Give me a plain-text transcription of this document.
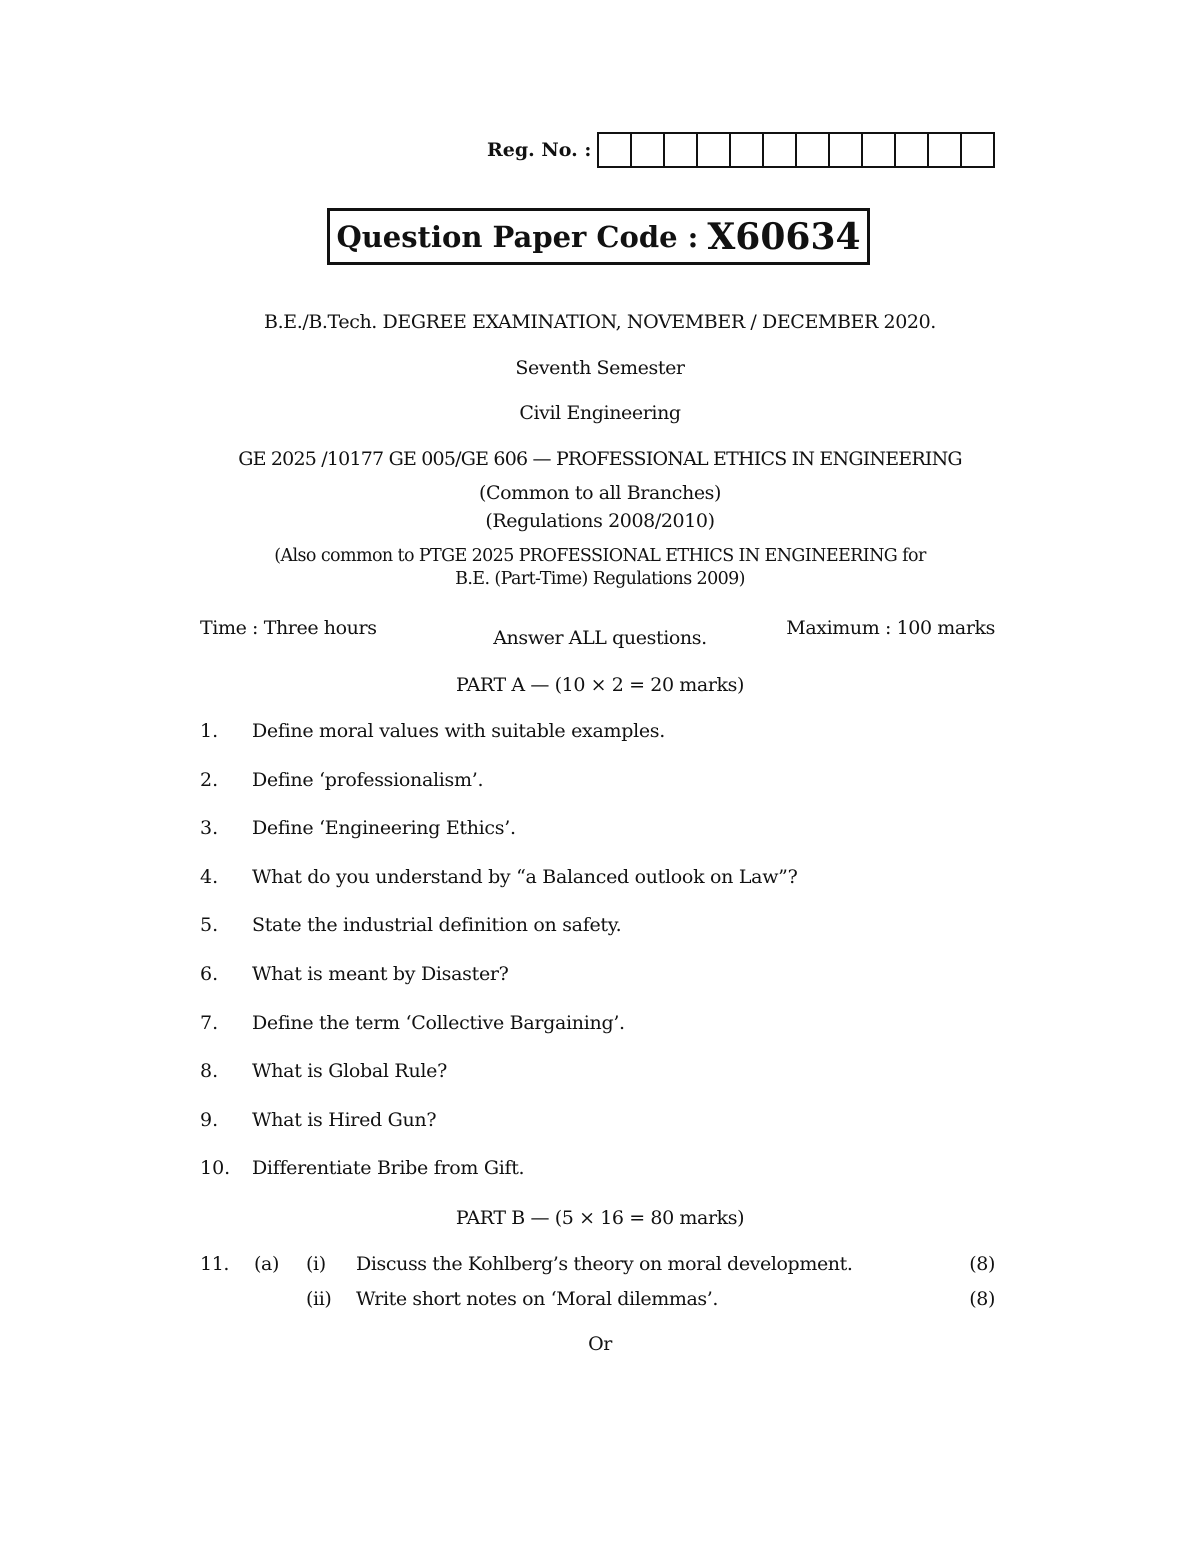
Reg. No. :
Question Paper Code : X60634
B.E./B.Tech. DEGREE EXAMINATION, NOVEMBER / DECEMBER 2020.
Seventh Semester
Civil Engineering
GE 2025 /10177 GE 005/GE 606 — PROFESSIONAL ETHICS IN ENGINEERING
(Common to all Branches)
(Regulations 2008/2010)
(Also common to PTGE 2025 PROFESSIONAL ETHICS IN ENGINEERING for
B.E. (Part-Time) Regulations 2009)
Time : Three hours	Answer ALL questions.	Maximum : 100 marks
PART A — (10 × 2 = 20 marks)
1. Define moral values with suitable examples.
2. Define ‘professionalism’.
3. Define ‘Engineering Ethics’.
4. What do you understand by “a Balanced outlook on Law”?
5. State the industrial definition on safety.
6. What is meant by Disaster?
7. Define the term ‘Collective Bargaining’.
8. What is Global Rule?
9. What is Hired Gun?
10. Differentiate Bribe from Gift.
PART B — (5 × 16 = 80 marks)
11. (a) (i) Discuss the Kohlberg’s theory on moral development.	(8)
(ii) Write short notes on ‘Moral dilemmas’.	(8)
Or
